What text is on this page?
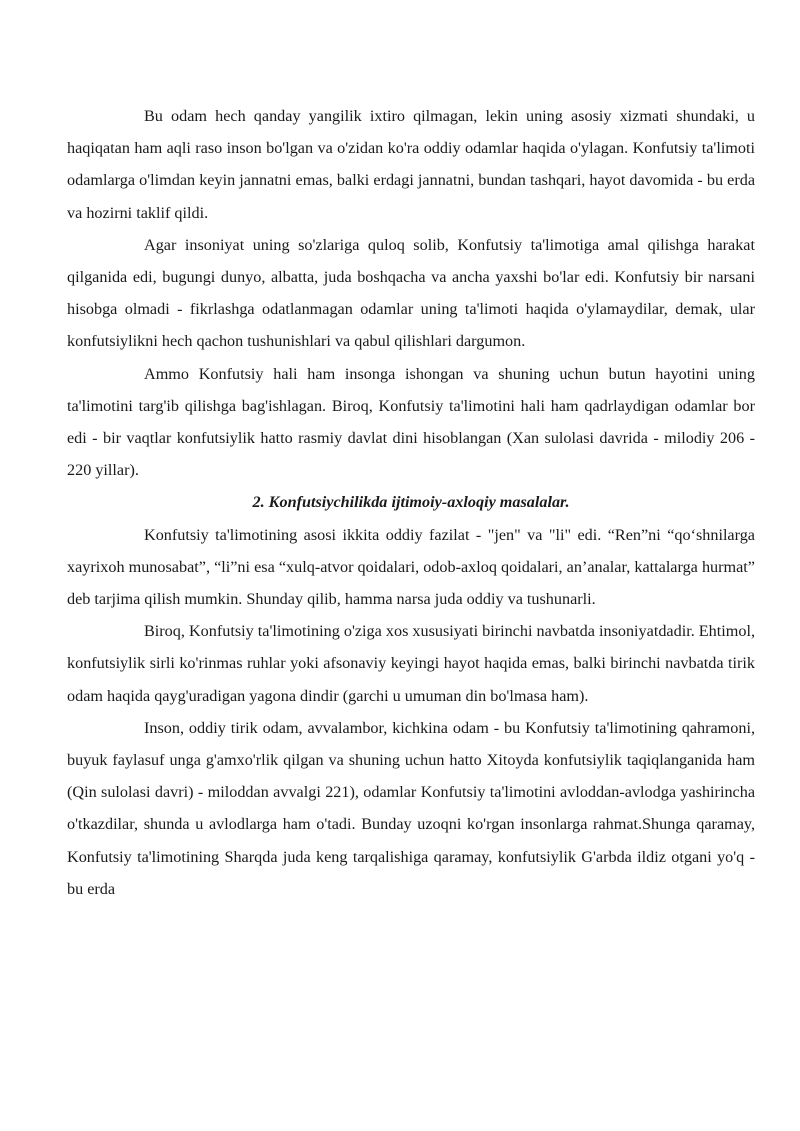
Bu odam hech qanday yangilik ixtiro qilmagan, lekin uning asosiy xizmati shundaki, u haqiqatan ham aqli raso inson bo'lgan va o'zidan ko'ra oddiy odamlar haqida o'ylagan. Konfutsiy ta'limoti odamlarga o'limdan keyin jannatni emas, balki erdagi jannatni, bundan tashqari, hayot davomida - bu erda va hozirni taklif qildi.

Agar insoniyat uning so'zlariga quloq solib, Konfutsiy ta'limotiga amal qilishga harakat qilganida edi, bugungi dunyo, albatta, juda boshqacha va ancha yaxshi bo'lar edi. Konfutsiy bir narsani hisobga olmadi - fikrlashga odatlanmagan odamlar uning ta'limoti haqida o'ylamaydilar, demak, ular konfutsiylikni hech qachon tushunishlari va qabul qilishlari dargumon.

Ammo Konfutsiy hali ham insonga ishongan va shuning uchun butun hayotini uning ta'limotini targ'ib qilishga bag'ishlagan. Biroq, Konfutsiy ta'limotini hali ham qadrlaydigan odamlar bor edi - bir vaqtlar konfutsiylik hatto rasmiy davlat dini hisoblangan (Xan sulolasi davrida - milodiy 206 - 220 yillar).

2. Konfutsiychilikda ijtimoiy-axloqiy masalalar.

Konfutsiy ta'limotining asosi ikkita oddiy fazilat - "jen" va "li" edi. “Ren”ni “qo‘shnilarga xayrixoh munosabat”, “li”ni esa “xulq-atvor qoidalari, odob-axloq qoidalari, an’analar, kattalarga hurmat” deb tarjima qilish mumkin. Shunday qilib, hamma narsa juda oddiy va tushunarli.

Biroq, Konfutsiy ta'limotining o'ziga xos xususiyati birinchi navbatda insoniyatdadir. Ehtimol, konfutsiylik sirli ko'rinmas ruhlar yoki afsonaviy keyingi hayot haqida emas, balki birinchi navbatda tirik odam haqida qayg'uradigan yagona dindir (garchi u umuman din bo'lmasa ham).

Inson, oddiy tirik odam, avvalambor, kichkina odam - bu Konfutsiy ta'limotining qahramoni, buyuk faylasuf unga g'amxo'rlik qilgan va shuning uchun hatto Xitoyda konfutsiylik taqiqlanganida ham (Qin sulolasi davri) - miloddan avvalgi 221), odamlar Konfutsiy ta'limotini avloddan-avlodga yashirincha o'tkazdilar, shunda u avlodlarga ham o'tadi. Bunday uzoqni ko'rgan insonlarga rahmat.Shunga qaramay, Konfutsiy ta'limotining Sharqda juda keng tarqalishiga qaramay, konfutsiylik G'arbda ildiz otgani yo'q - bu erda
